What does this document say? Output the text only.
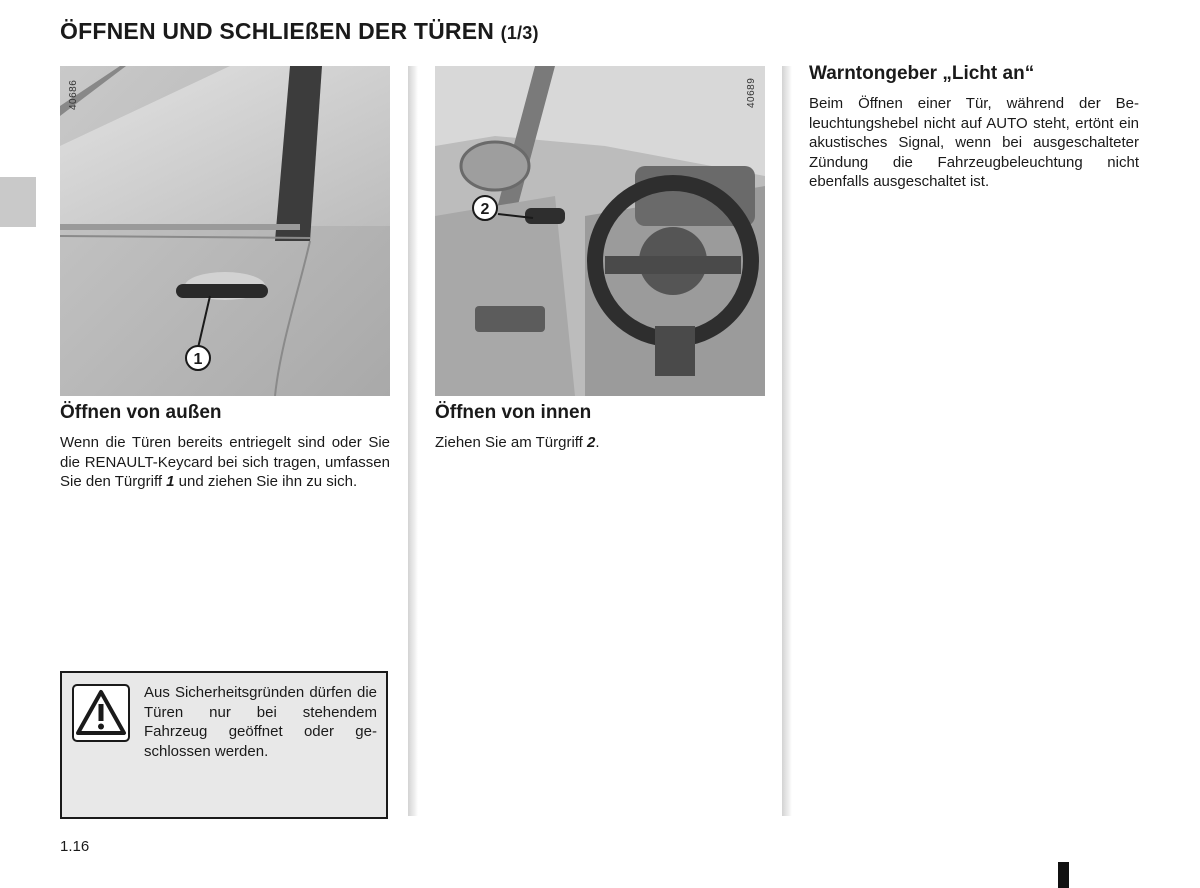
ÖFFNEN UND SCHLIEßEN DER TÜREN (1/3)
1
40686
Öffnen von außen
Wenn die Türen bereits entriegelt sind oder Sie die RENAULT-Keycard bei sich tragen, umfassen Sie den Türgriff 1 und ziehen Sie ihn zu sich.
Aus Sicherheitsgründen dürfen die Türen nur bei stehendem Fahrzeug geöffnet oder geschlossen werden.
2
40689
Öffnen von innen
Ziehen Sie am Türgriff 2.
Warntongeber „Licht an“
Beim Öffnen einer Tür, während der Beleuchtungshebel nicht auf AUTO steht, ertönt ein akustisches Signal, wenn bei ausgeschalteter Zündung die Fahrzeugbeleuchtung nicht ebenfalls ausgeschaltet ist.
1.16
